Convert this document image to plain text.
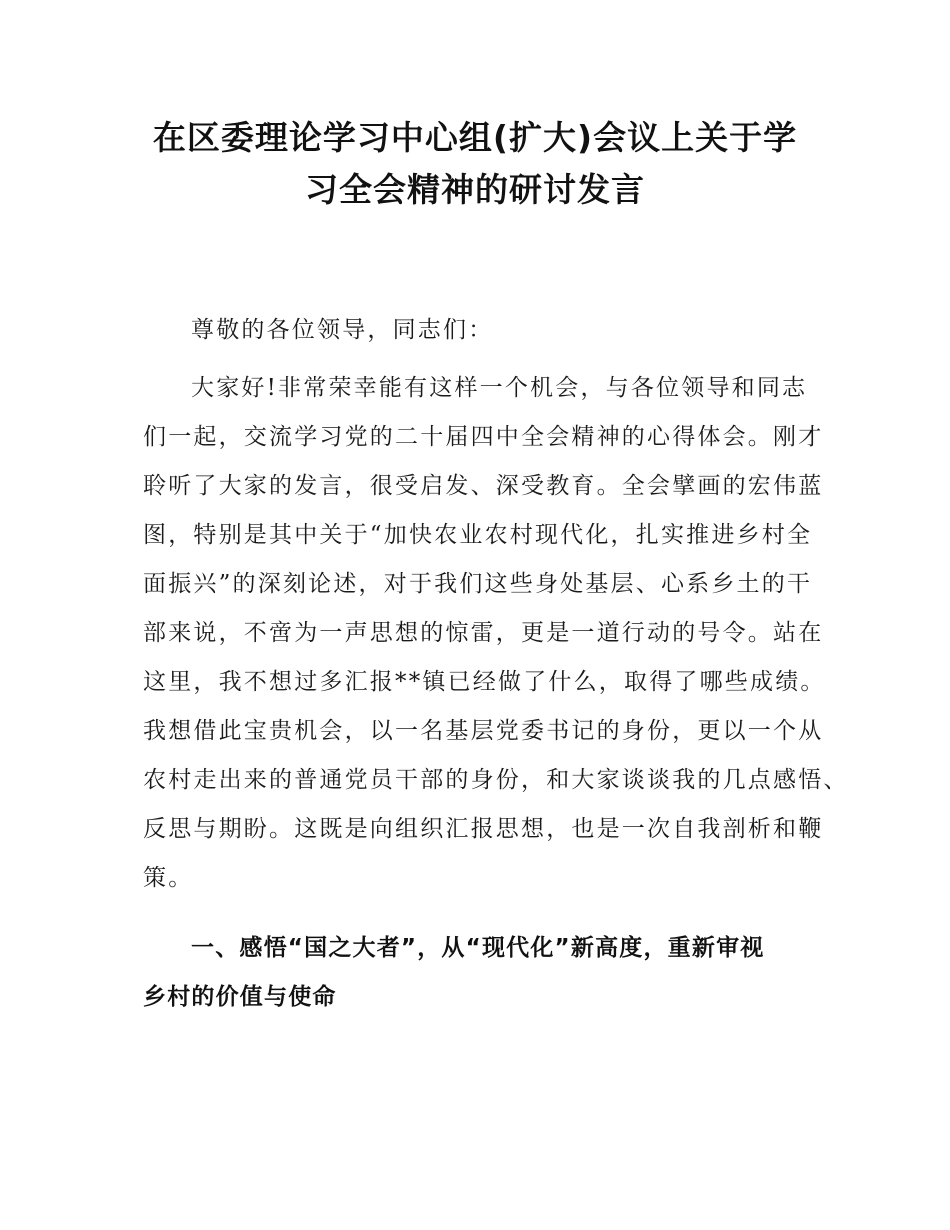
在区委理论学习中心组(扩大)会议上关于学
习全会精神的研讨发言

尊敬的各位领导，同志们：

大家好!非常荣幸能有这样一个机会，与各位领导和同志
们一起，交流学习党的二十届四中全会精神的心得体会。刚才
聆听了大家的发言，很受启发、深受教育。全会擘画的宏伟蓝
图，特别是其中关于“加快农业农村现代化，扎实推进乡村全
面振兴”的深刻论述，对于我们这些身处基层、心系乡土的干
部来说，不啻为一声思想的惊雷，更是一道行动的号令。站在
这里，我不想过多汇报**镇已经做了什么，取得了哪些成绩。
我想借此宝贵机会，以一名基层党委书记的身份，更以一个从
农村走出来的普通党员干部的身份，和大家谈谈我的几点感悟、
反思与期盼。这既是向组织汇报思想，也是一次自我剖析和鞭
策。
一、感悟“国之大者”，从“现代化”新高度，重新审视
乡村的价值与使命
